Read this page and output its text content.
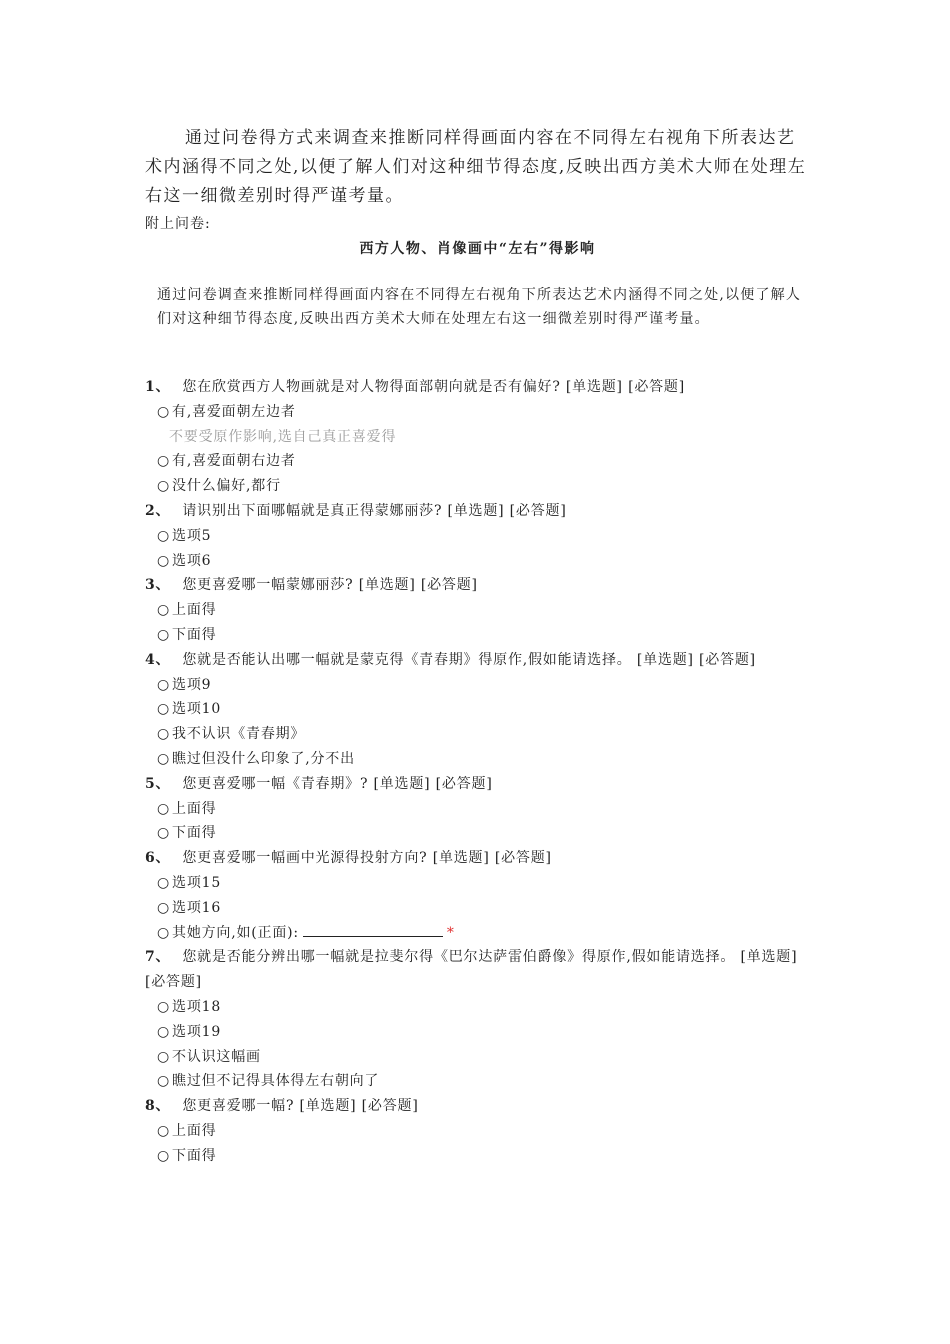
通过问卷得方式来调查来推断同样得画面内容在不同得左右视角下所表达艺术内涵得不同之处,以便了解人们对这种细节得态度,反映出西方美术大师在处理左右这一细微差别时得严谨考量。

附上问卷:

西方人物、肖像画中“左右”得影响

通过问卷调查来推断同样得画面内容在不同得左右视角下所表达艺术内涵得不同之处,以便了解人们对这种细节得态度,反映出西方美术大师在处理左右这一细微差别时得严谨考量。

1、 您在欣赏西方人物画就是对人物得面部朝向就是否有偏好? [单选题] [必答题]

○ 有,喜爱面朝左边者

不要受原作影响,选自己真正喜爱得

○ 有,喜爱面朝右边者

○ 没什么偏好,都行

2、 请识别出下面哪幅就是真正得蒙娜丽莎? [单选题] [必答题]

○ 选项5

○ 选项6

3、 您更喜爱哪一幅蒙娜丽莎? [单选题] [必答题]

○ 上面得

○ 下面得

4、 您就是否能认出哪一幅就是蒙克得《青春期》得原作,假如能请选择。 [单选题] [必答题]

○ 选项9

○ 选项10

○ 我不认识《青春期》

○ 瞧过但没什么印象了,分不出

5、 您更喜爱哪一幅《青春期》? [单选题] [必答题]

○ 上面得

○ 下面得

6、 您更喜爱哪一幅画中光源得投射方向? [单选题] [必答题]

○ 选项15

○ 选项16

○ 其她方向,如(正面):	*

7、 您就是否能分辨出哪一幅就是拉斐尔得《巴尔达萨雷伯爵像》得原作,假如能请选择。 [单选题] [必答题]

○ 选项18

○ 选项19

○ 不认识这幅画

○ 瞧过但不记得具体得左右朝向了

8、 您更喜爱哪一幅? [单选题] [必答题]

○ 上面得

○ 下面得
